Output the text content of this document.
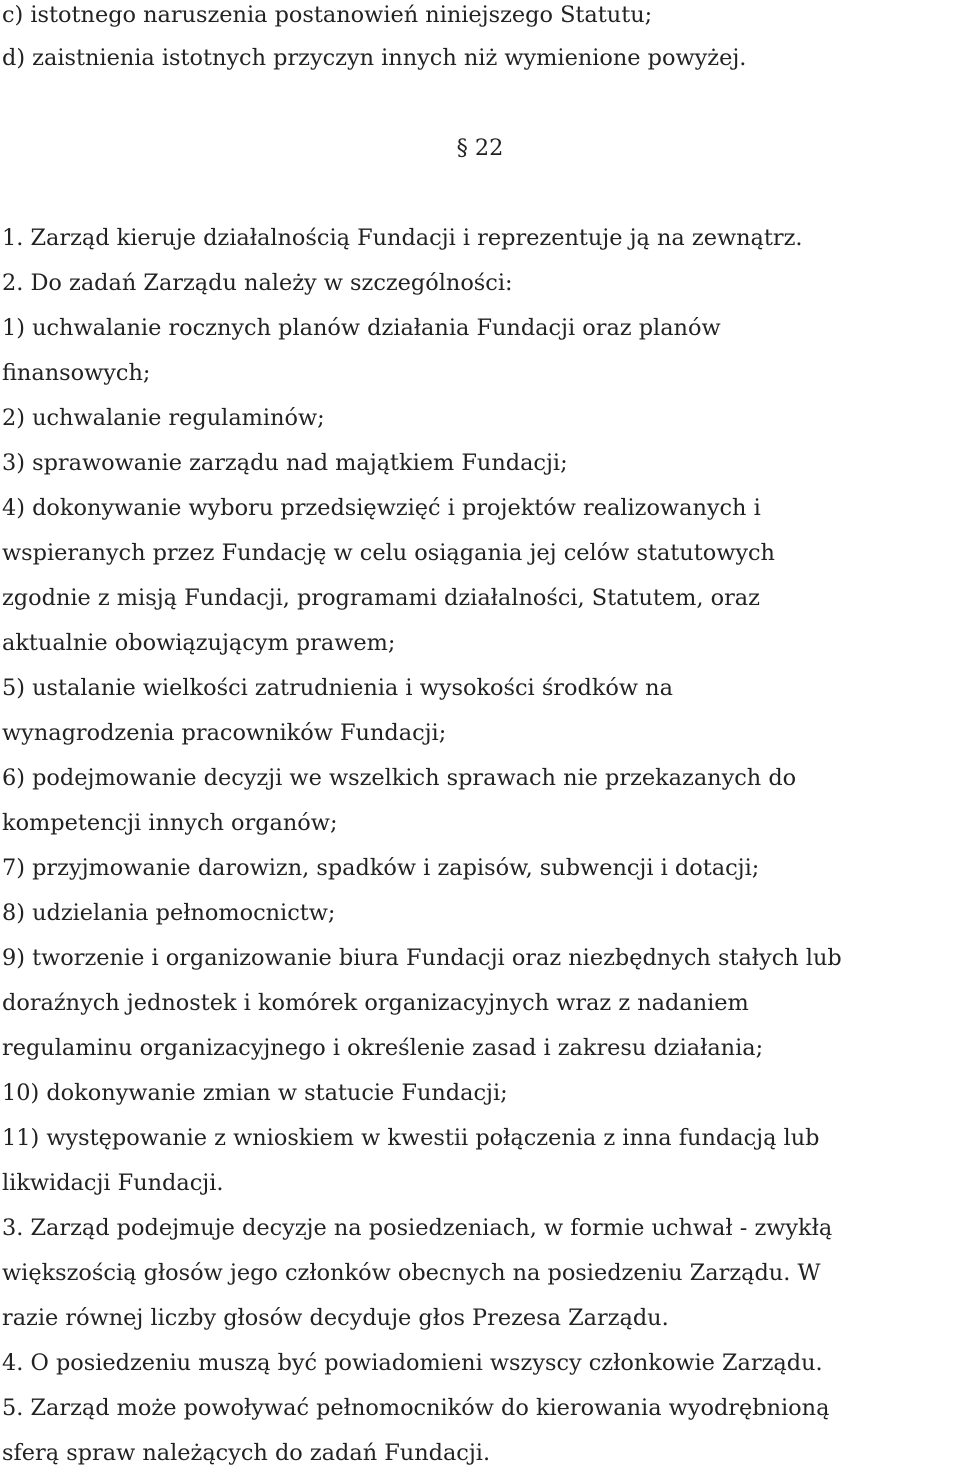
c) istotnego naruszenia postanowień niniejszego Statutu;
d) zaistnienia istotnych przyczyn innych niż wymienione powyżej.
§ 22
1. Zarząd kieruje działalnością Fundacji i reprezentuje ją na zewnątrz.
2. Do zadań Zarządu należy w szczególności:
1) uchwalanie rocznych planów działania Fundacji oraz planów
finansowych;
2) uchwalanie regulaminów;
3) sprawowanie zarządu nad majątkiem Fundacji;
4) dokonywanie wyboru przedsięwzięć i projektów realizowanych i
wspieranych przez Fundację w celu osiągania jej celów statutowych
zgodnie z misją Fundacji, programami działalności, Statutem, oraz
aktualnie obowiązującym prawem;
5) ustalanie wielkości zatrudnienia i wysokości środków na
wynagrodzenia pracowników Fundacji;
6) podejmowanie decyzji we wszelkich sprawach nie przekazanych do
kompetencji innych organów;
7) przyjmowanie darowizn, spadków i zapisów, subwencji i dotacji;
8) udzielania pełnomocnictw;
9) tworzenie i organizowanie biura Fundacji oraz niezbędnych stałych lub
doraźnych jednostek i komórek organizacyjnych wraz z nadaniem
regulaminu organizacyjnego i określenie zasad i zakresu działania;
10) dokonywanie zmian w statucie Fundacji;
11) występowanie z wnioskiem w kwestii połączenia z inna fundacją lub
likwidacji Fundacji.
3. Zarząd podejmuje decyzje na posiedzeniach, w formie uchwał - zwykłą
większością głosów jego członków obecnych na posiedzeniu Zarządu. W
razie równej liczby głosów decyduje głos Prezesa Zarządu.
4. O posiedzeniu muszą być powiadomieni wszyscy członkowie Zarządu.
5. Zarząd może powoływać pełnomocników do kierowania wyodrębnioną
sferą spraw należących do zadań Fundacji.
